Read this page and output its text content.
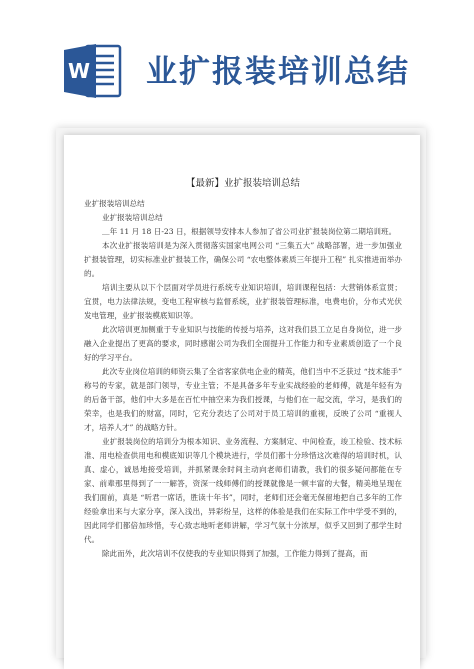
W 业扩报装培训总结
【最新】业扩报装培训总结

业扩报装培训总结

业扩报装培训总结

＿年 11 月 18 日-23 日，根据领导安排本人参加了省公司业扩报装岗位第二期培训班。

本次业扩报装培训是为深入贯彻落实国家电网公司 “三集五大” 战略部署，进一步加强业扩报装管理，切实标准业扩报装工作，确保公司 “农电整体素质三年提升工程” 扎实推进而举办的。

培训主要从以下个层面对学员进行系统专业知识培训，培训课程包括：大营销体系宣贯；宜贯，电力法律法规，变电工程审核与监督系统，业扩报装管理标准，电费电价，分布式光伏发电管理，业扩报装模底知识等。

此次培训更加侧重于专业知识与技能的传授与培养，这对我们县工立足自身岗位，进一步融入企业提出了更高的要求，同时感谢公司为我们全面提升工作能力和专业素质创造了一个良好的学习平台。

此次专业岗位培训的师资云集了全省客家供电企业的精英，他们当中不乏获过 “技术能手” 称号的专家，就是部门领导，专业主管；不是具备多年专业实战经验的老师傅，就是年轻有为的后备干部，他们中大多是在百忙中抽空来为我们授课，与他们在一起交流，学习，是我们的荣幸，也是我们的财富，同时，它充分表达了公司对于员工培训的重视，反映了公司 “重视人才，培养人才” 的战略方针。

业扩报装岗位的培训分为根本知识、业务流程、方案制定、中间检查，竣工检验、技术标准、用电检查供用电和模底知识等几个模块进行，学员们都十分珍惜这次难得的培训时机，认真、虚心，诚恳地接受培训，并抓紧课余时间主动向老师们请教，我们的很多疑问都能在专家、前辈那里得到了一一解答，资深一线师傅们的授课就像是一顿丰富的大餐，精美地呈现在我们面前，真是 “听君一席话，胜读十年书”，同时，老师们还会毫无保留地把自己多年的工作经验拿出来与大家分享，深入浅出，异彩纷呈，这样的体验是我们在实际工作中学受不到的，因此同学们都倍加珍惜，专心致志地听老师讲解，学习气氛十分浓厚，似乎又回到了那学生时代。

除此而外，此次培训不仅使我的专业知识得到了加强，工作能力得到了提高，而
